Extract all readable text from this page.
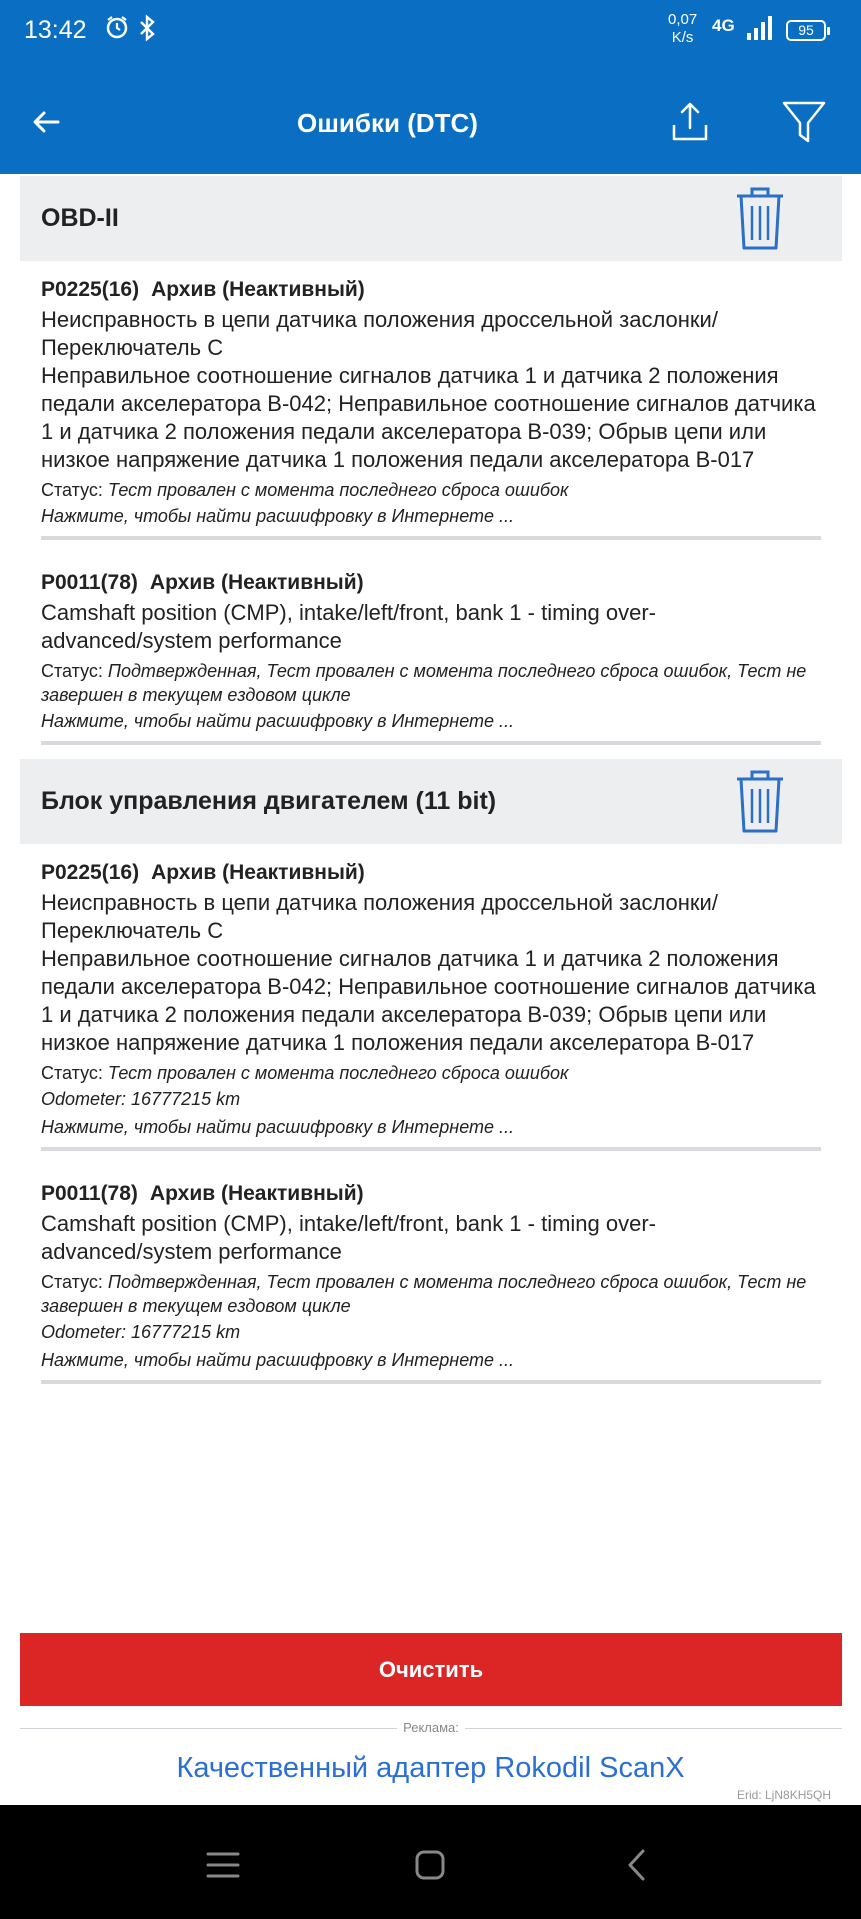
13:42	0,07
K/s
4G	95
Ошибки (DTC)
OBD-II
P0225(16) Архив (Неактивный)
Неисправность в цепи датчика положения дроссельной заслонки/ Переключатель C
Неправильное соотношение сигналов датчика 1 и датчика 2 положения педали акселератора B-042; Неправильное соотношение сигналов датчика 1 и датчика 2 положения педали акселератора B-039; Обрыв цепи или низкое напряжение датчика 1 положения педали акселератора B-017
Статус: Тест провален с момента последнего сброса ошибок
Нажмите, чтобы найти расшифровку в Интернете ...
P0011(78) Архив (Неактивный)
Camshaft position (CMP), intake/left/front, bank 1 - timing over-advanced/system performance
Статус: Подтвержденная, Тест провален с момента последнего сброса ошибок, Тест не завершен в текущем ездовом цикле
Нажмите, чтобы найти расшифровку в Интернете ...
Блок управления двигателем (11 bit)
P0225(16) Архив (Неактивный)
Неисправность в цепи датчика положения дроссельной заслонки/ Переключатель C
Неправильное соотношение сигналов датчика 1 и датчика 2 положения педали акселератора B-042; Неправильное соотношение сигналов датчика 1 и датчика 2 положения педали акселератора B-039; Обрыв цепи или низкое напряжение датчика 1 положения педали акселератора B-017
Статус: Тест провален с момента последнего сброса ошибок
Odometer: 16777215 km
Нажмите, чтобы найти расшифровку в Интернете ...
P0011(78) Архив (Неактивный)
Camshaft position (CMP), intake/left/front, bank 1 - timing over-advanced/system performance
Статус: Подтвержденная, Тест провален с момента последнего сброса ошибок, Тест не завершен в текущем ездовом цикле
Odometer: 16777215 km
Нажмите, чтобы найти расшифровку в Интернете ...
Очистить
Реклама:
Качественный адаптер Rokodil ScanX
Erid: LjN8KH5QH
